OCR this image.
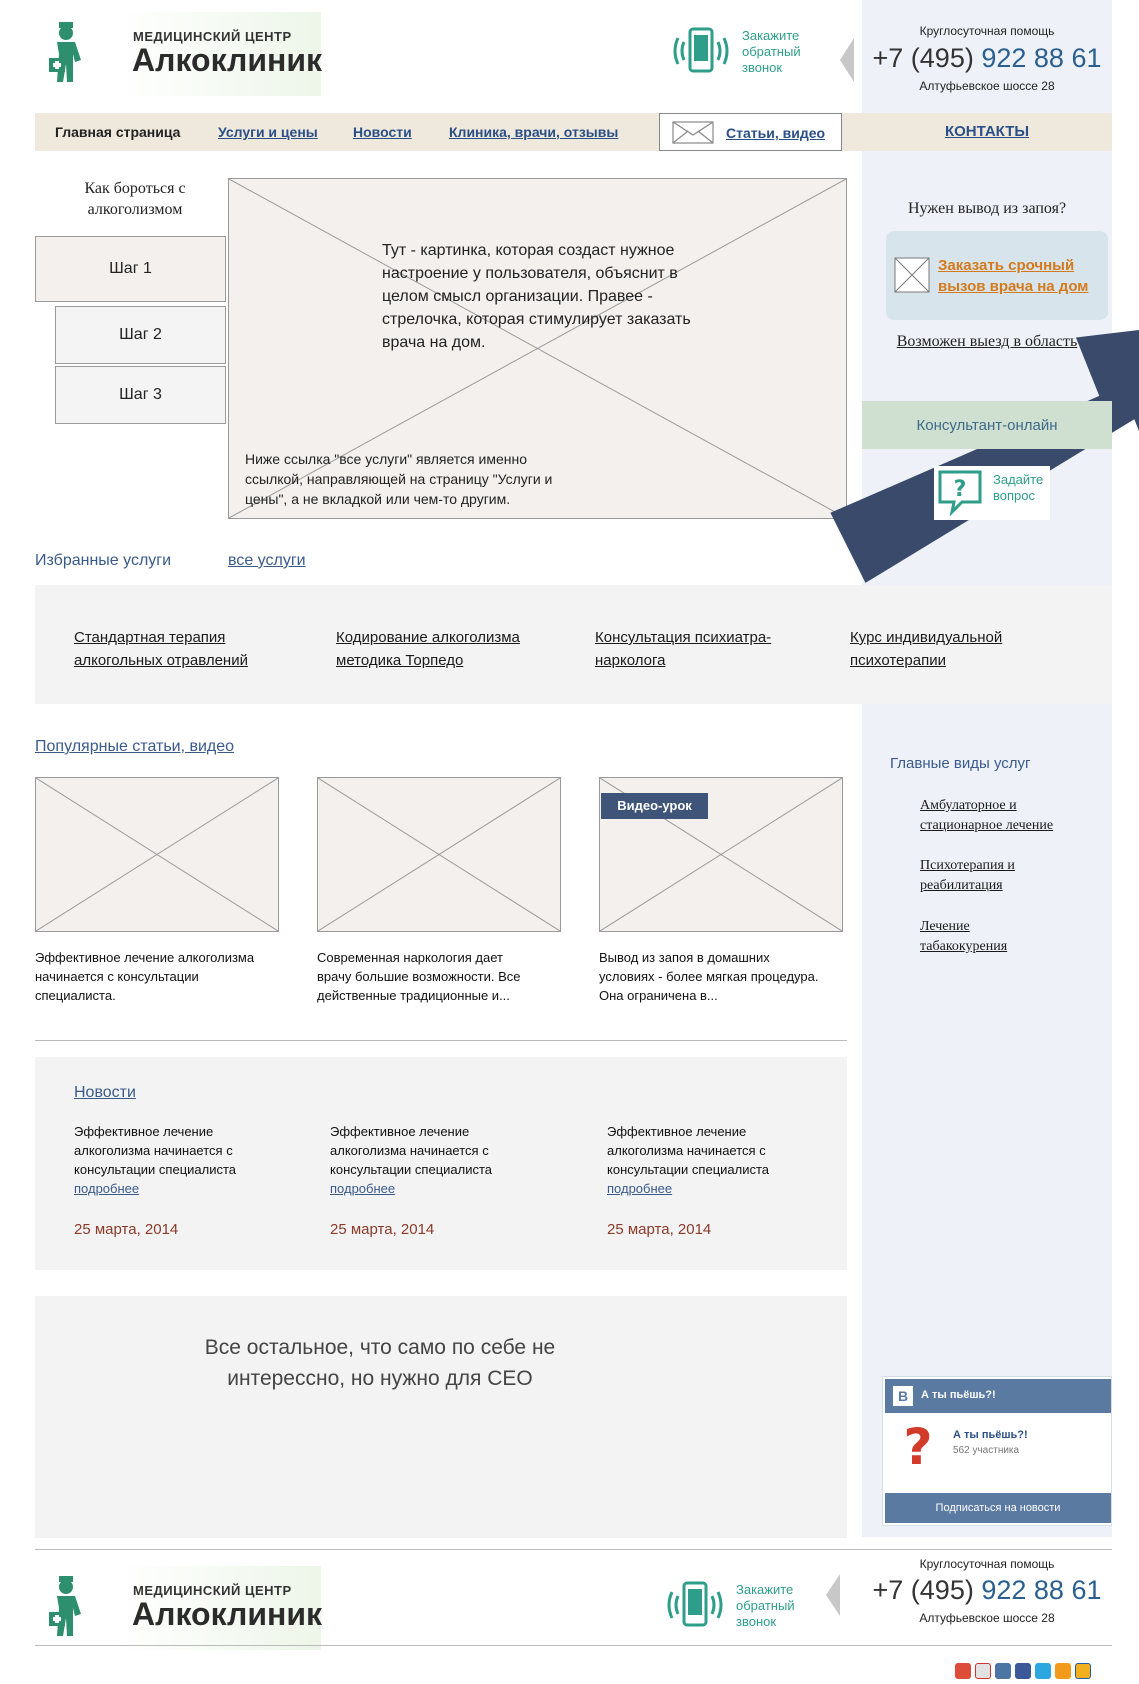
МЕДИЦИНСКИЙ ЦЕНТР
Алкоклиник
Закажите
обратный
звонок
Круглосуточная помощь
+7 (495) 922 88 61
Алтуфьевское шоссе 28
Главная страница	Услуги и цены	Новости	Клиника, врачи, отзывы	Статьи, видео	КОНТАКТЫ
Как бороться с алкоголизмом
Шаг 1
Шаг 2
Шаг 3
Тут - картинка, которая создаст нужное настроение у пользователя, объяснит в целом смысл организации. Правее - стрелочка, которая стимулирует заказать врача на дом.
Ниже ссылка "все услуги" является именно ссылкой, направляющей на страницу "Услуги и цены", а не вкладкой или чем-то другим.
Нужен вывод из запоя?
Заказать срочный вызов врача на дом
Возможен выезд в область
Консультант-онлайн
? Задайте
вопрос
Избранные услуги	все услуги
Стандартная терапия
алкогольных отравлений
Кодирование алкоголизма
методика Торпедо
Консультация психиатра-
нарколога
Курс индивидуальной
психотерапии
Популярные статьи, видео
Видео-урок
Эффективное лечение алкоголизма
начинается с консультации
специалиста.
Современная наркология дает
врачу большие возможности. Все
действенные традиционные и...
Вывод из запоя в домашних
условиях - более мягкая процедура.
Она ограничена в...
Главные виды услуг
Амбулаторное и
стационарное лечение
Психотерапия и
реабилитация
Лечение
табакокурения
Новости
Эффективное лечение
алкоголизма начинается с
консультации специалиста
подробнее
25 марта, 2014
Эффективное лечение
алкоголизма начинается с
консультации специалиста
подробнее
25 марта, 2014
Эффективное лечение
алкоголизма начинается с
консультации специалиста
подробнее
25 марта, 2014
Все остальное, что само по себе не
интерессно, но нужно для СЕО
В	А ты пьёшь?!
?	А ты пьёшь?!
562 участника
Подписаться на новости
МЕДИЦИНСКИЙ ЦЕНТР
Алкоклиник
Закажите
обратный
звонок
Круглосуточная помощь
+7 (495) 922 88 61
Алтуфьевское шоссе 28
